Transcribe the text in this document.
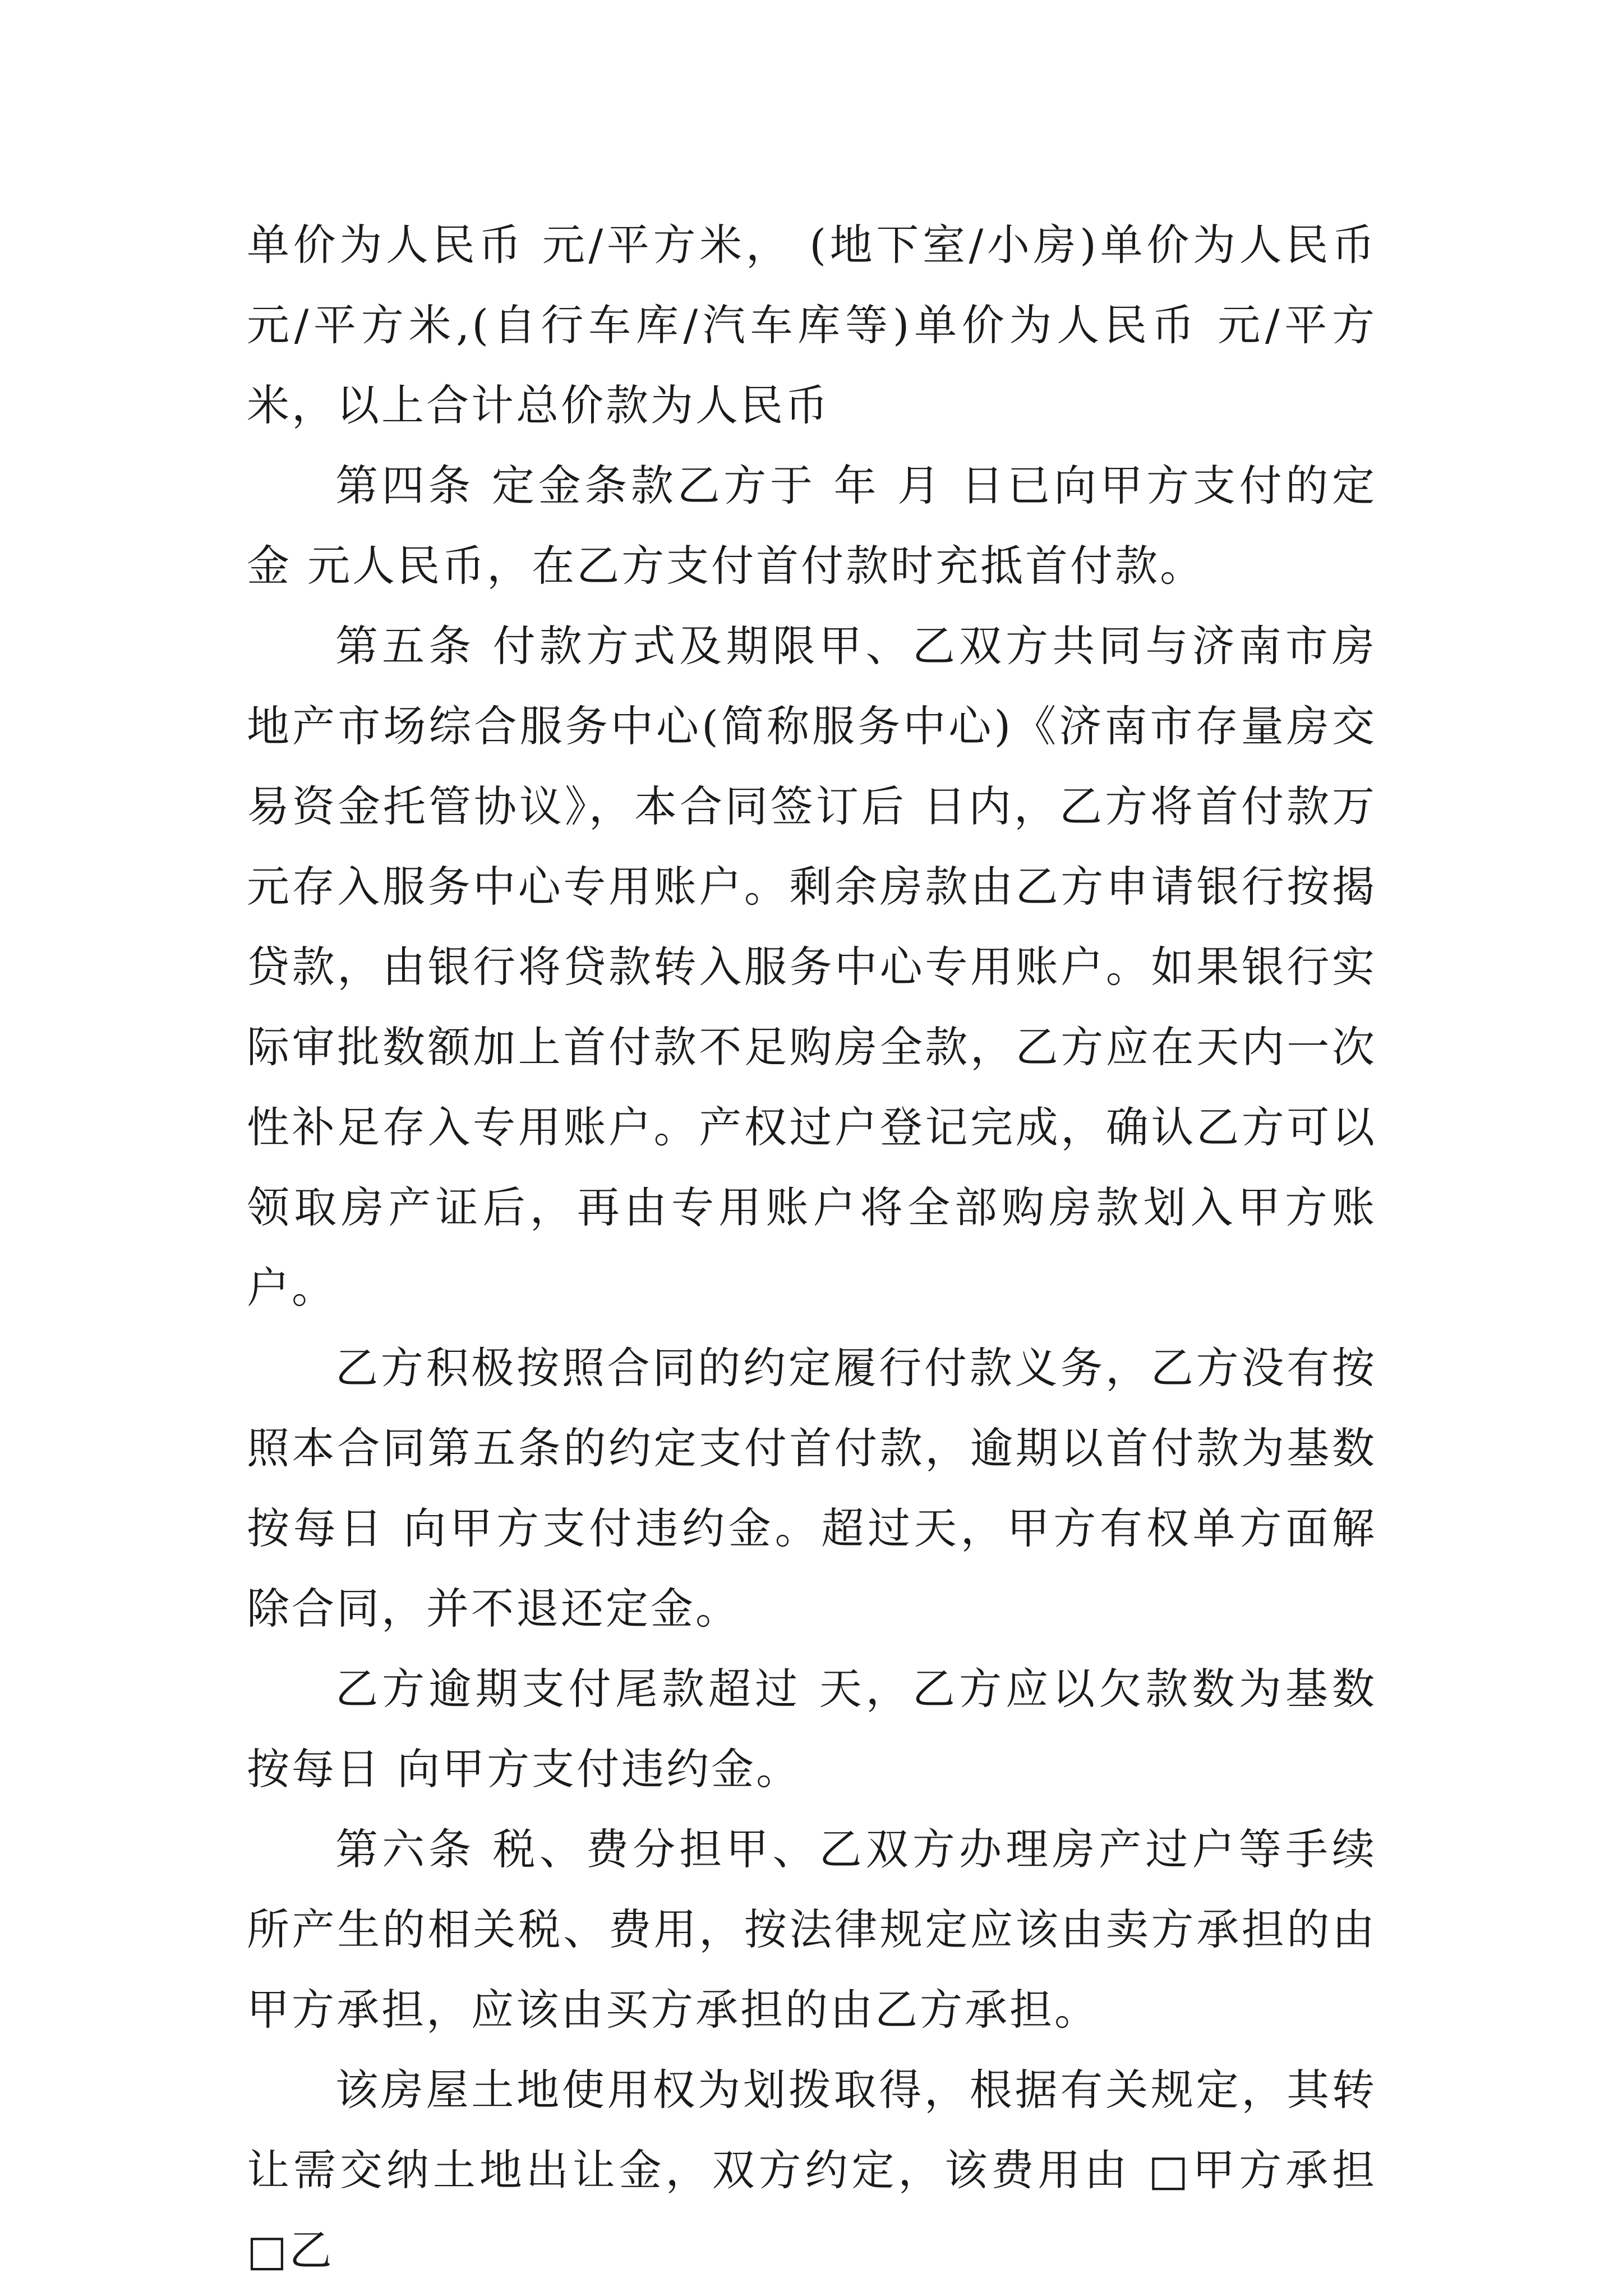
单价为人民币 元/平方米， (地下室/小房)单价为人民币元/平方米,(自行车库/汽车库等)单价为人民币 元/平方米，以上合计总价款为人民币

第四条 定金条款乙方于 年 月 日已向甲方支付的定金 元人民币，在乙方支付首付款时充抵首付款。

第五条 付款方式及期限甲、乙双方共同与济南市房地产市场综合服务中心(简称服务中心)《济南市存量房交易资金托管协议》，本合同签订后 日内，乙方将首付款万元存入服务中心专用账户。剩余房款由乙方申请银行按揭贷款，由银行将贷款转入服务中心专用账户。如果银行实际审批数额加上首付款不足购房全款，乙方应在天内一次性补足存入专用账户。产权过户登记完成，确认乙方可以领取房产证后，再由专用账户将全部购房款划入甲方账户。

乙方积极按照合同的约定履行付款义务，乙方没有按照本合同第五条的约定支付首付款，逾期以首付款为基数按每日 向甲方支付违约金。超过天，甲方有权单方面解除合同，并不退还定金。

乙方逾期支付尾款超过 天，乙方应以欠款数为基数按每日 向甲方支付违约金。

第六条 税、费分担甲、乙双方办理房产过户等手续所产生的相关税、费用，按法律规定应该由卖方承担的由甲方承担，应该由买方承担的由乙方承担。

该房屋土地使用权为划拨取得，根据有关规定，其转让需交纳土地出让金，双方约定，该费用由 □甲方承担 □乙
